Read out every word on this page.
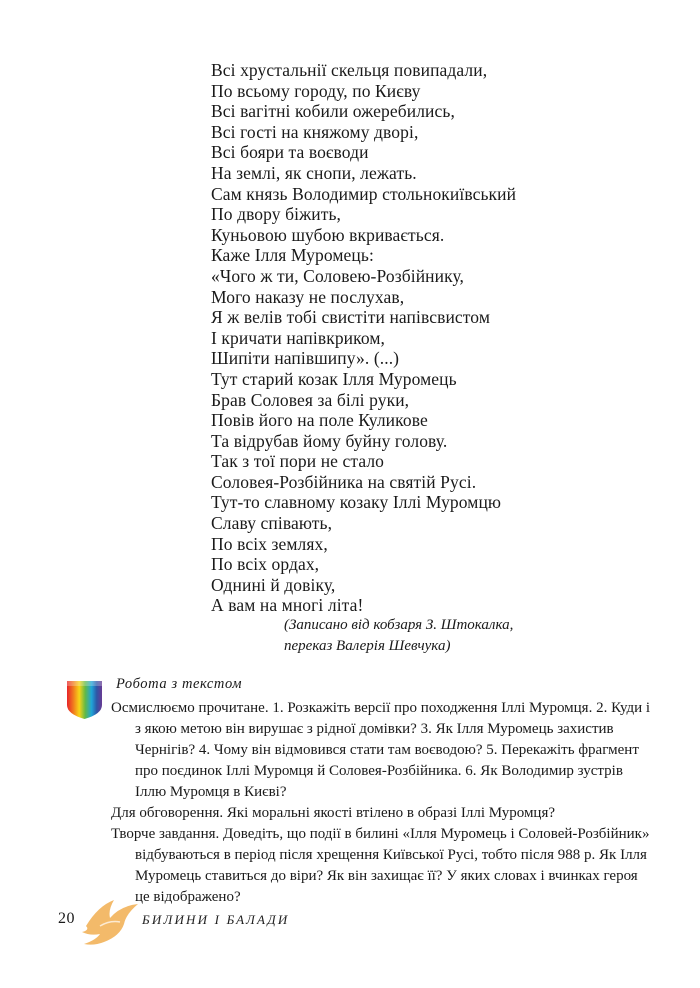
Всі хрустальнії скельця повипадали,
По всьому городу, по Києву
Всі вагітні кобили ожеребились,
Всі гості на княжому дворі,
Всі бояри та воєводи
На землі, як снопи, лежать.
Сам князь Володимир стольнокиївський
По двору біжить,
Куньовою шубою вкривається.
Каже Ілля Муромець:
«Чого ж ти, Соловею-Розбійнику,
Мого наказу не послухав,
Я ж велів тобі свистіти напівсвистом
І кричати напівкриком,
Шипіти напівшипу». (...)
Тут старий козак Ілля Муромець
Брав Соловея за білі руки,
Повів його на поле Куликове
Та відрубав йому буйну голову.
Так з тої пори не стало
Соловея-Розбійника на святій Русі.
Тут-то славному козаку Іллі Муромцю
Славу співають,
По всіх землях,
По всіх ордах,
Однині й довіку,
А вам на многі літа!
(Записано від кобзаря З. Штокалка,
переказ Валерія Шевчука)
Робота з текстом

Осмислюємо прочитане. 1. Розкажіть версії про походження Іллі Муромця. 2. Куди і з якою метою він вирушає з рідної домівки? 3. Як Ілля Муромець захистив Чернігів? 4. Чому він відмовився стати там воєводою? 5. Перекажіть фрагмент про поєдинок Іллі Муромця й Соловея-Розбійника. 6. Як Володимир зустрів Іллю Муромця в Києві?

Для обговорення. Які моральні якості втілено в образі Іллі Муромця?

Творче завдання. Доведіть, що події в билині «Ілля Муромець і Соловей-Розбійник» відбуваються в період після хрещення Київської Русі, тобто після 988 р. Як Ілля Муромець ставиться до віри? Як він захищає її? У яких словах і вчинках героя це відображено?

20	БИЛИНИ І БАЛАДИ
